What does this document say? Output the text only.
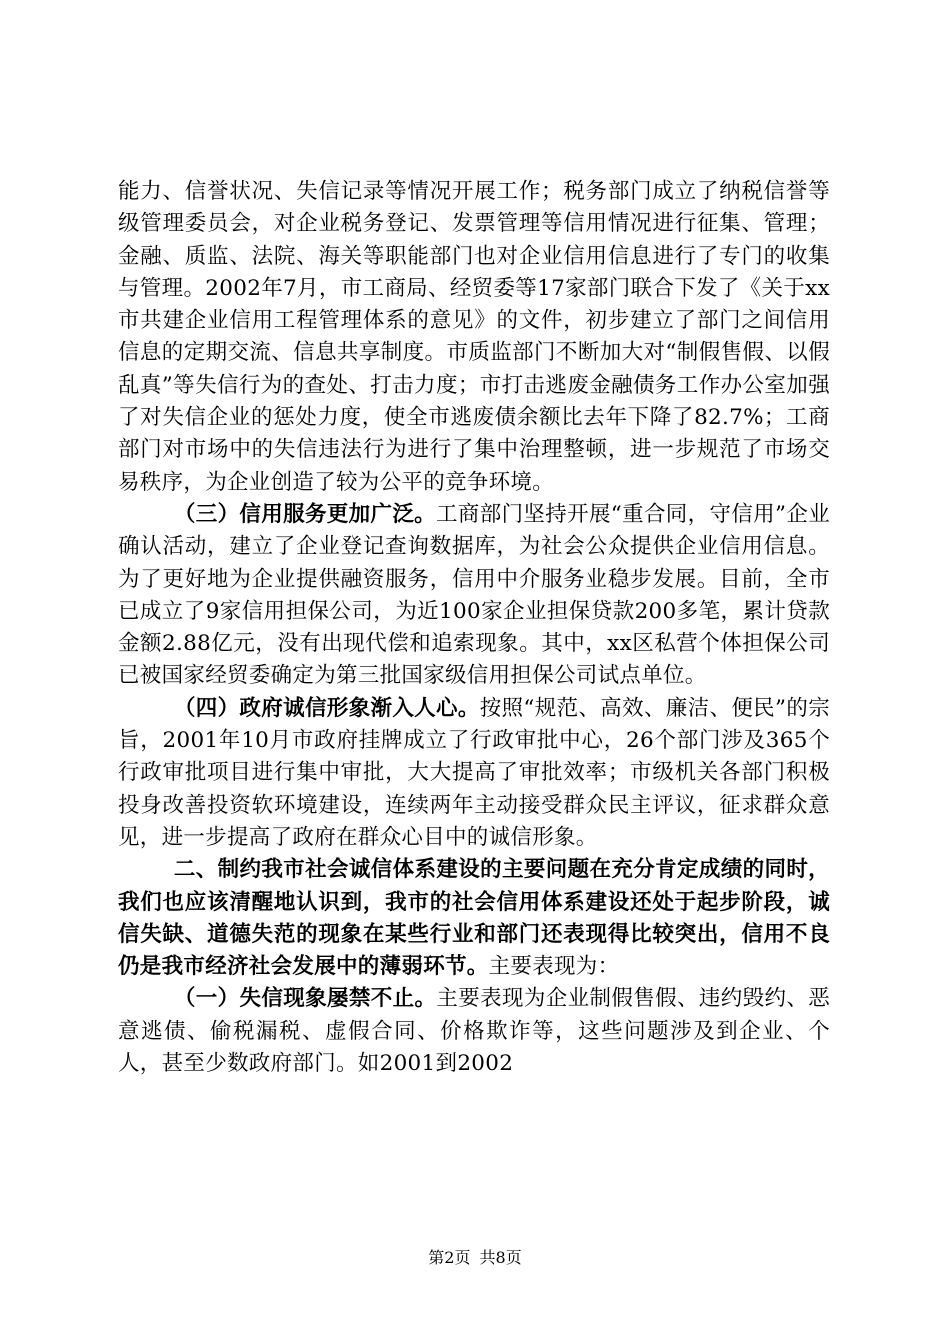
能力、信誉状况、失信记录等情况开展工作；税务部门成立了纳税信誉等级管理委员会，对企业税务登记、发票管理等信用情况进行征集、管理；金融、质监、法院、海关等职能部门也对企业信用信息进行了专门的收集与管理。2002年7月，市工商局、经贸委等17家部门联合下发了《关于xx市共建企业信用工程管理体系的意见》的文件，初步建立了部门之间信用信息的定期交流、信息共享制度。市质监部门不断加大对“制假售假、以假乱真”等失信行为的查处、打击力度；市打击逃废金融债务工作办公室加强了对失信企业的惩处力度，使全市逃废债余额比去年下降了82.7%；工商部门对市场中的失信违法行为进行了集中治理整顿，进一步规范了市场交易秩序，为企业创造了较为公平的竞争环境。

（三）信用服务更加广泛。工商部门坚持开展“重合同，守信用”企业确认活动，建立了企业登记查询数据库，为社会公众提供企业信用信息。为了更好地为企业提供融资服务，信用中介服务业稳步发展。目前，全市已成立了9家信用担保公司，为近100家企业担保贷款200多笔，累计贷款金额2.88亿元，没有出现代偿和追索现象。其中，xx区私营个体担保公司已被国家经贸委确定为第三批国家级信用担保公司试点单位。

（四）政府诚信形象渐入人心。按照“规范、高效、廉洁、便民”的宗旨，2001年10月市政府挂牌成立了行政审批中心，26个部门涉及365个行政审批项目进行集中审批，大大提高了审批效率；市级机关各部门积极投身改善投资软环境建设，连续两年主动接受群众民主评议，征求群众意见，进一步提高了政府在群众心目中的诚信形象。

二、制约我市社会诚信体系建设的主要问题在充分肯定成绩的同时，我们也应该清醒地认识到，我市的社会信用体系建设还处于起步阶段，诚信失缺、道德失范的现象在某些行业和部门还表现得比较突出，信用不良仍是我市经济社会发展中的薄弱环节。主要表现为：

（一）失信现象屡禁不止。主要表现为企业制假售假、违约毁约、恶意逃债、偷税漏税、虚假合同、价格欺诈等，这些问题涉及到企业、个人，甚至少数政府部门。如2001到2002

第2页 共8页
